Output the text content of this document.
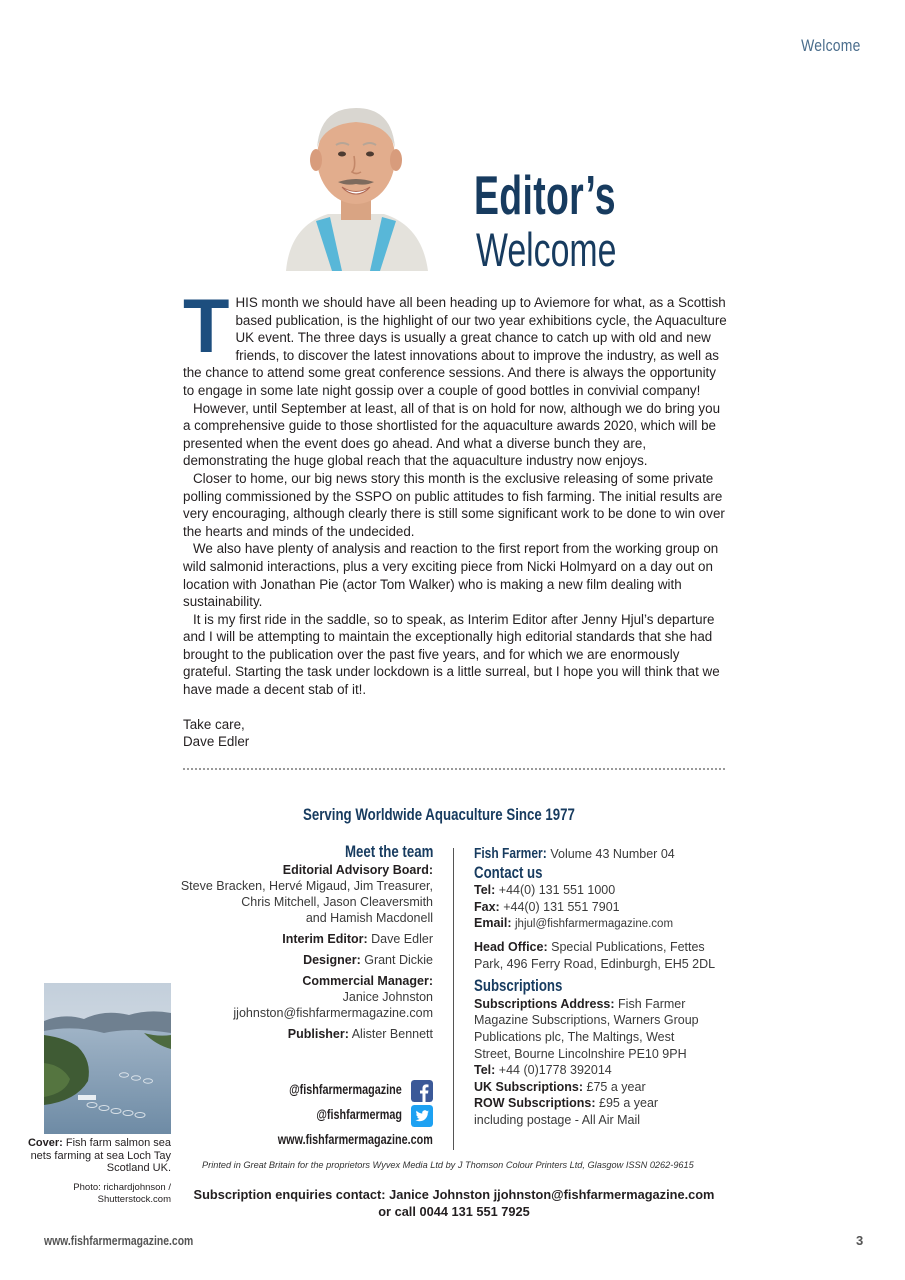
Welcome
Editor’s
Welcome

THIS month we should have all been heading up to Aviemore for what, as a Scottish based publication, is the highlight of our two year exhibitions cycle, the Aquaculture UK event. The three days is usually a great chance to catch up with old and new friends, to discover the latest innovations about to improve the industry, as well as the chance to attend some great conference sessions. And there is always the opportunity to engage in some late night gossip over a couple of good bottles in convivial company!

However, until September at least, all of that is on hold for now, although we do bring you a comprehensive guide to those shortlisted for the aquaculture awards 2020, which will be presented when the event does go ahead. And what a diverse bunch they are, demonstrating the huge global reach that the aquaculture industry now enjoys.

Closer to home, our big news story this month is the exclusive releasing of some private polling commissioned by the SSPO on public attitudes to fish farming. The initial results are very encouraging, although clearly there is still some significant work to be done to win over the hearts and minds of the undecided.

We also have plenty of analysis and reaction to the first report from the working group on wild salmonid interactions, plus a very exciting piece from Nicki Holmyard on a day out on location with Jonathan Pie (actor Tom Walker) who is making a new film dealing with sustainability.

It is my first ride in the saddle, so to speak, as Interim Editor after Jenny Hjul’s departure and I will be attempting to maintain the exceptionally high editorial standards that she had brought to the publication over the past five years, and for which we are enormously grateful. Starting the task under lockdown is a little surreal, but I hope you will think that we have made a decent stab of it!.

Take care,

Dave Edler

Serving Worldwide Aquaculture Since 1977
Meet the team
Editorial Advisory Board:
Steve Bracken, Hervé Migaud, Jim Treasurer,
Chris Mitchell, Jason Cleaversmith
and Hamish Macdonell
Interim Editor: Dave Edler
Designer: Grant Dickie
Commercial Manager:
Janice Johnston
jjohnston@fishfarmermagazine.com
Publisher: Alister Bennett
@fishfarmermagazine
@fishfarmermag
www.fishfarmermagazine.com
Fish Farmer: Volume 43 Number 04
Contact us
Tel: +44(0) 131 551 1000
Fax: +44(0) 131 551 7901
Email: jhjul@fishfarmermagazine.com
Head Office: Special Publications, Fettes Park, 496 Ferry Road, Edinburgh, EH5 2DL
Subscriptions
Subscriptions Address: Fish Farmer Magazine Subscriptions, Warners Group Publications plc, The Maltings, West Street, Bourne Lincolnshire PE10 9PH
Tel: +44 (0)1778 392014
UK Subscriptions: £75 a year
ROW Subscriptions: £95 a year including postage - All Air Mail
Cover: Fish farm salmon sea nets farming at sea Loch Tay Scotland UK.
Photo: richardjohnson /
Shutterstock.com
Printed in Great Britain for the proprietors Wyvex Media Ltd by J Thomson Colour Printers Ltd, Glasgow ISSN 0262-9615
Subscription enquiries contact: Janice Johnston jjohnston@fishfarmermagazine.com
or call 0044 131 551 7925
www.fishfarmermagazine.com	3
